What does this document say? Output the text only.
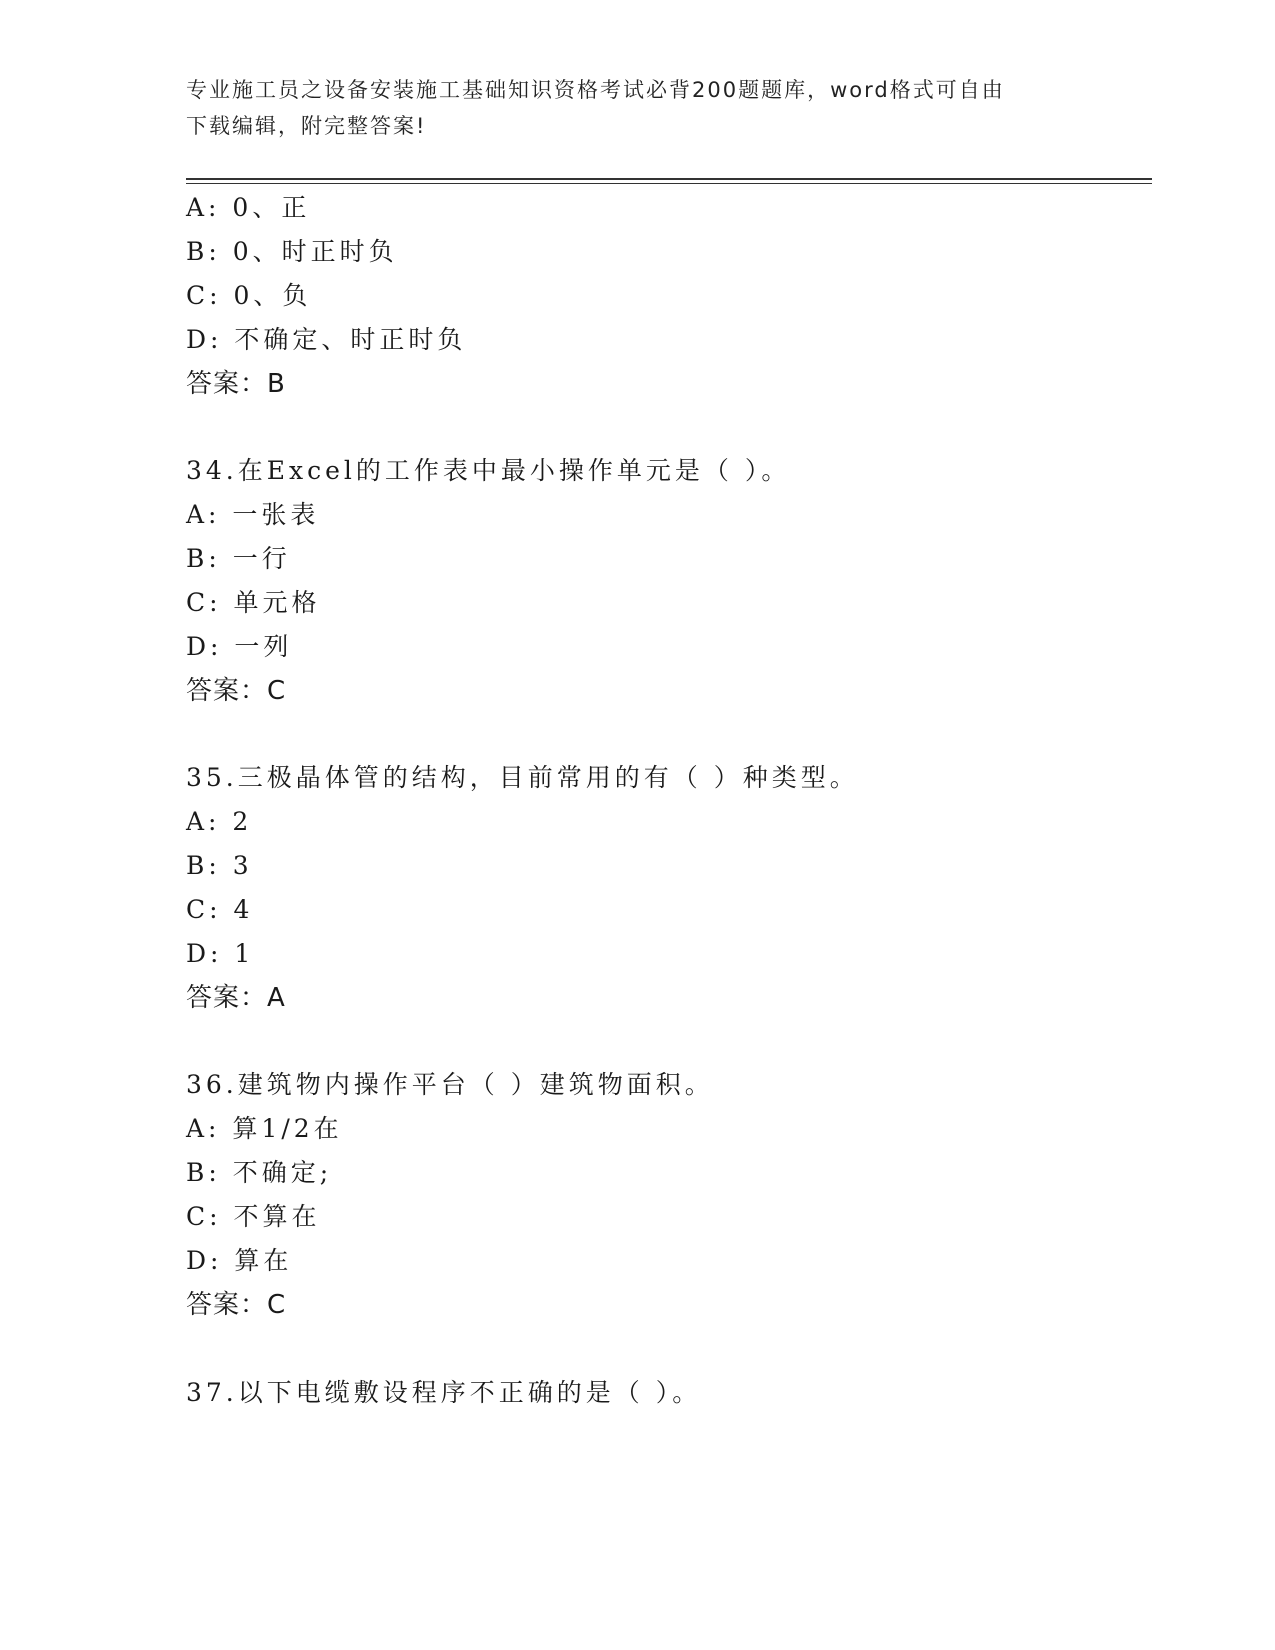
专业施工员之设备安装施工基础知识资格考试必背200题题库，word格式可自由
下载编辑，附完整答案!
A: 0、正
B: 0、时正时负
C: 0、负
D: 不确定、时正时负
答案：B
34.在Excel的工作表中最小操作单元是（ ）。
A: 一张表
B: 一行
C: 单元格
D: 一列
答案：C
35.三极晶体管的结构，目前常用的有（ ）种类型。
A: 2
B: 3
C: 4
D: 1
答案：A
36.建筑物内操作平台（ ）建筑物面积。
A: 算1/2在
B: 不确定;
C: 不算在
D: 算在
答案：C
37.以下电缆敷设程序不正确的是（ ）。
